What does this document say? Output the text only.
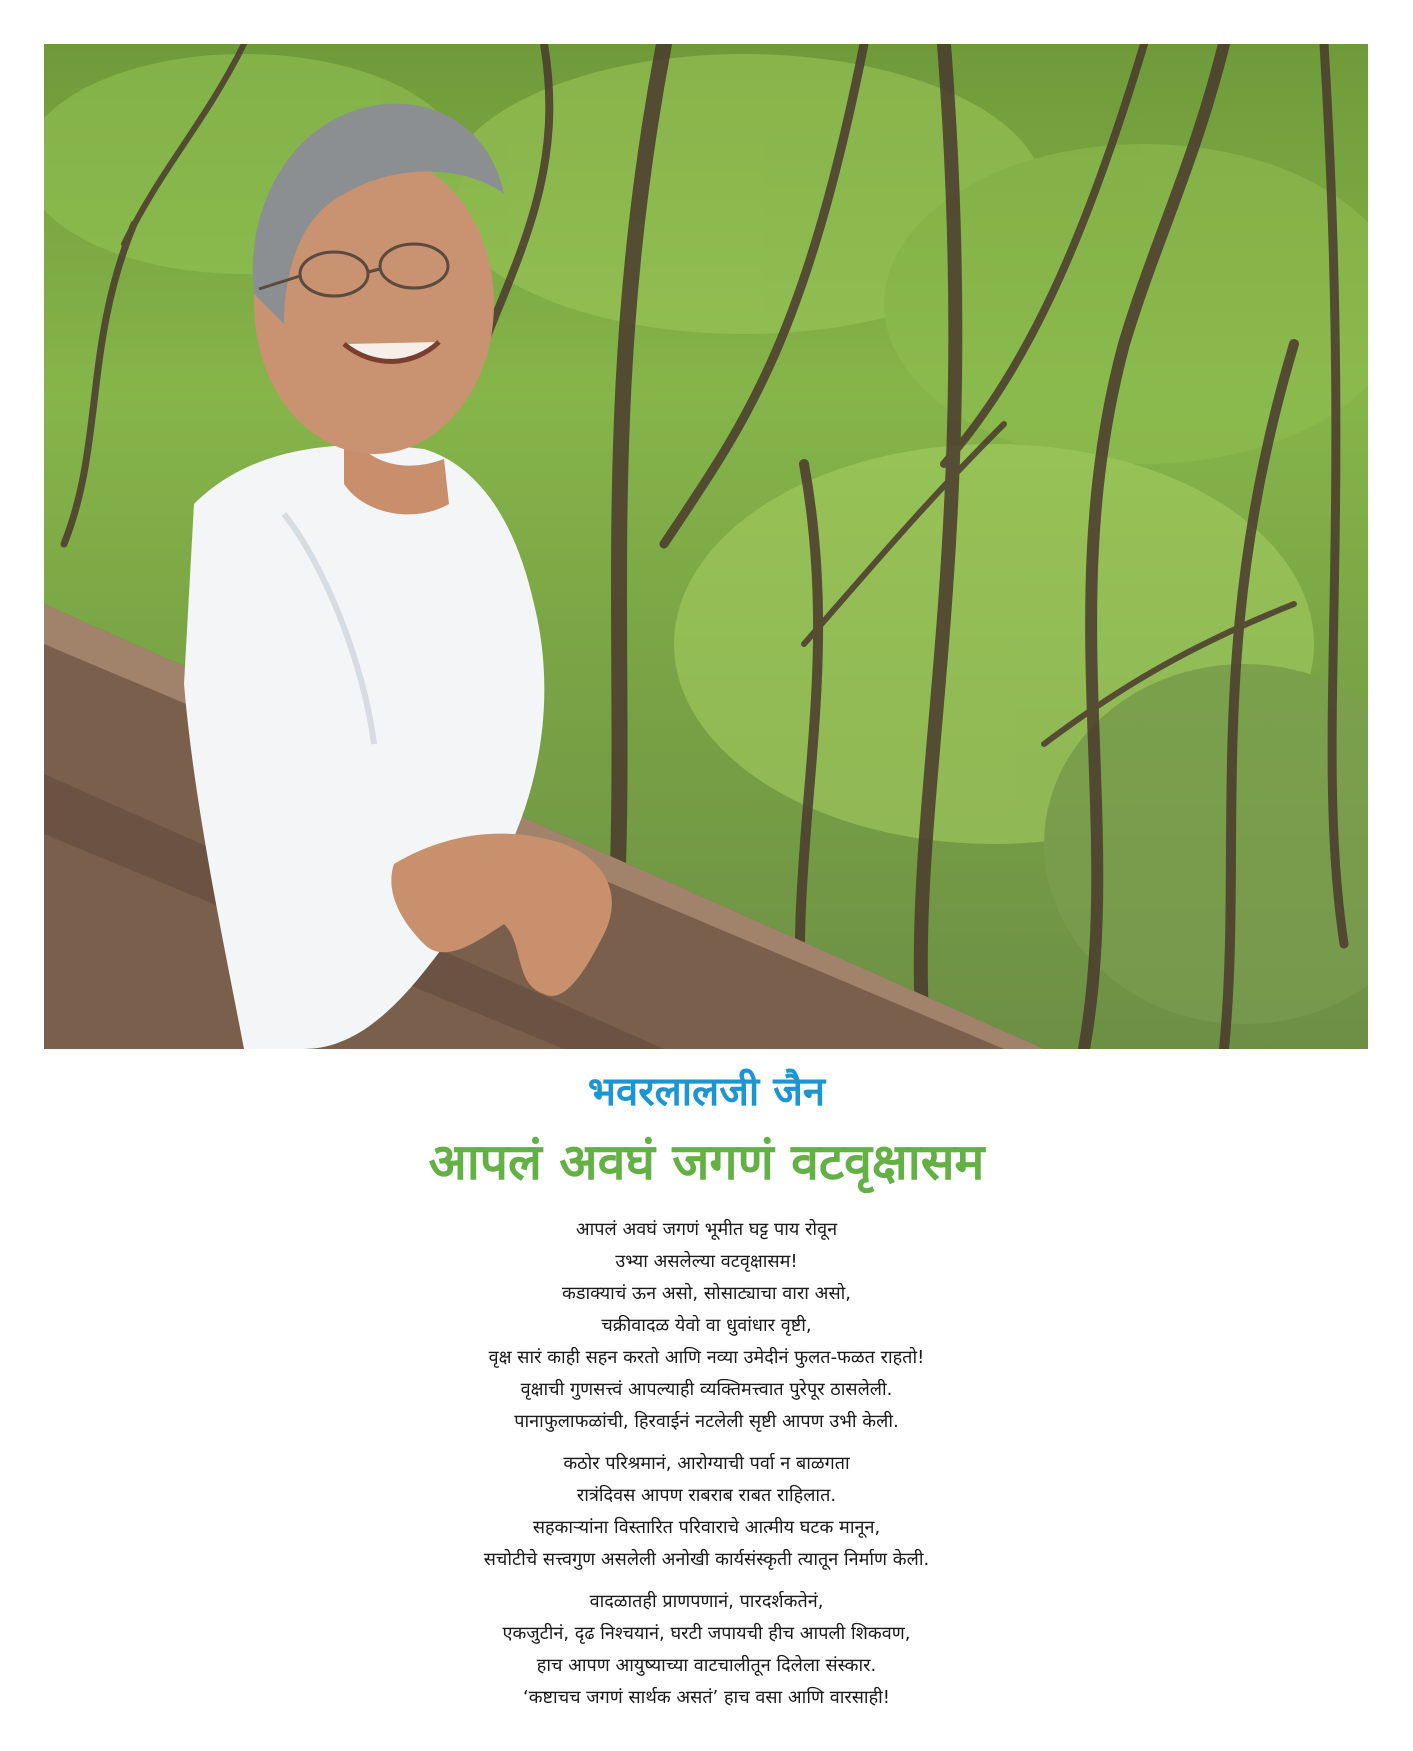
भवरलालजी जैन
आपलं अवघं जगणं वटवृक्षासम

आपलं अवघं जगणं भूमीत घट्ट पाय रोवून

उभ्या असलेल्या वटवृक्षासम!

कडाक्याचं ऊन असो, सोसाट्याचा वारा असो,

चक्रीवादळ येवो वा धुवांधार वृष्टी,

वृक्ष सारं काही सहन करतो आणि नव्या उमेदीनं फुलत-फळत राहतो!

वृक्षाची गुणसत्त्वं आपल्याही व्यक्तिमत्त्वात पुरेपूर ठासलेली.

पानाफुलाफळांची, हिरवाईनं नटलेली सृष्टी आपण उभी केली.

कठोर परिश्रमानं, आरोग्याची पर्वा न बाळगता

रात्रंदिवस आपण राबराब राबत राहिलात.

सहकाऱ्यांना विस्तारित परिवाराचे आत्मीय घटक मानून,

सचोटीचे सत्त्वगुण असलेली अनोखी कार्यसंस्कृती त्यातून निर्माण केली.

वादळातही प्राणपणानं, पारदर्शकतेनं,

एकजुटीनं, दृढ निश्चयानं, घरटी जपायची हीच आपली शिकवण,

हाच आपण आयुष्याच्या वाटचालीतून दिलेला संस्कार.

‘कष्टाचच जगणं सार्थक असतं’ हाच वसा आणि वारसाही!
